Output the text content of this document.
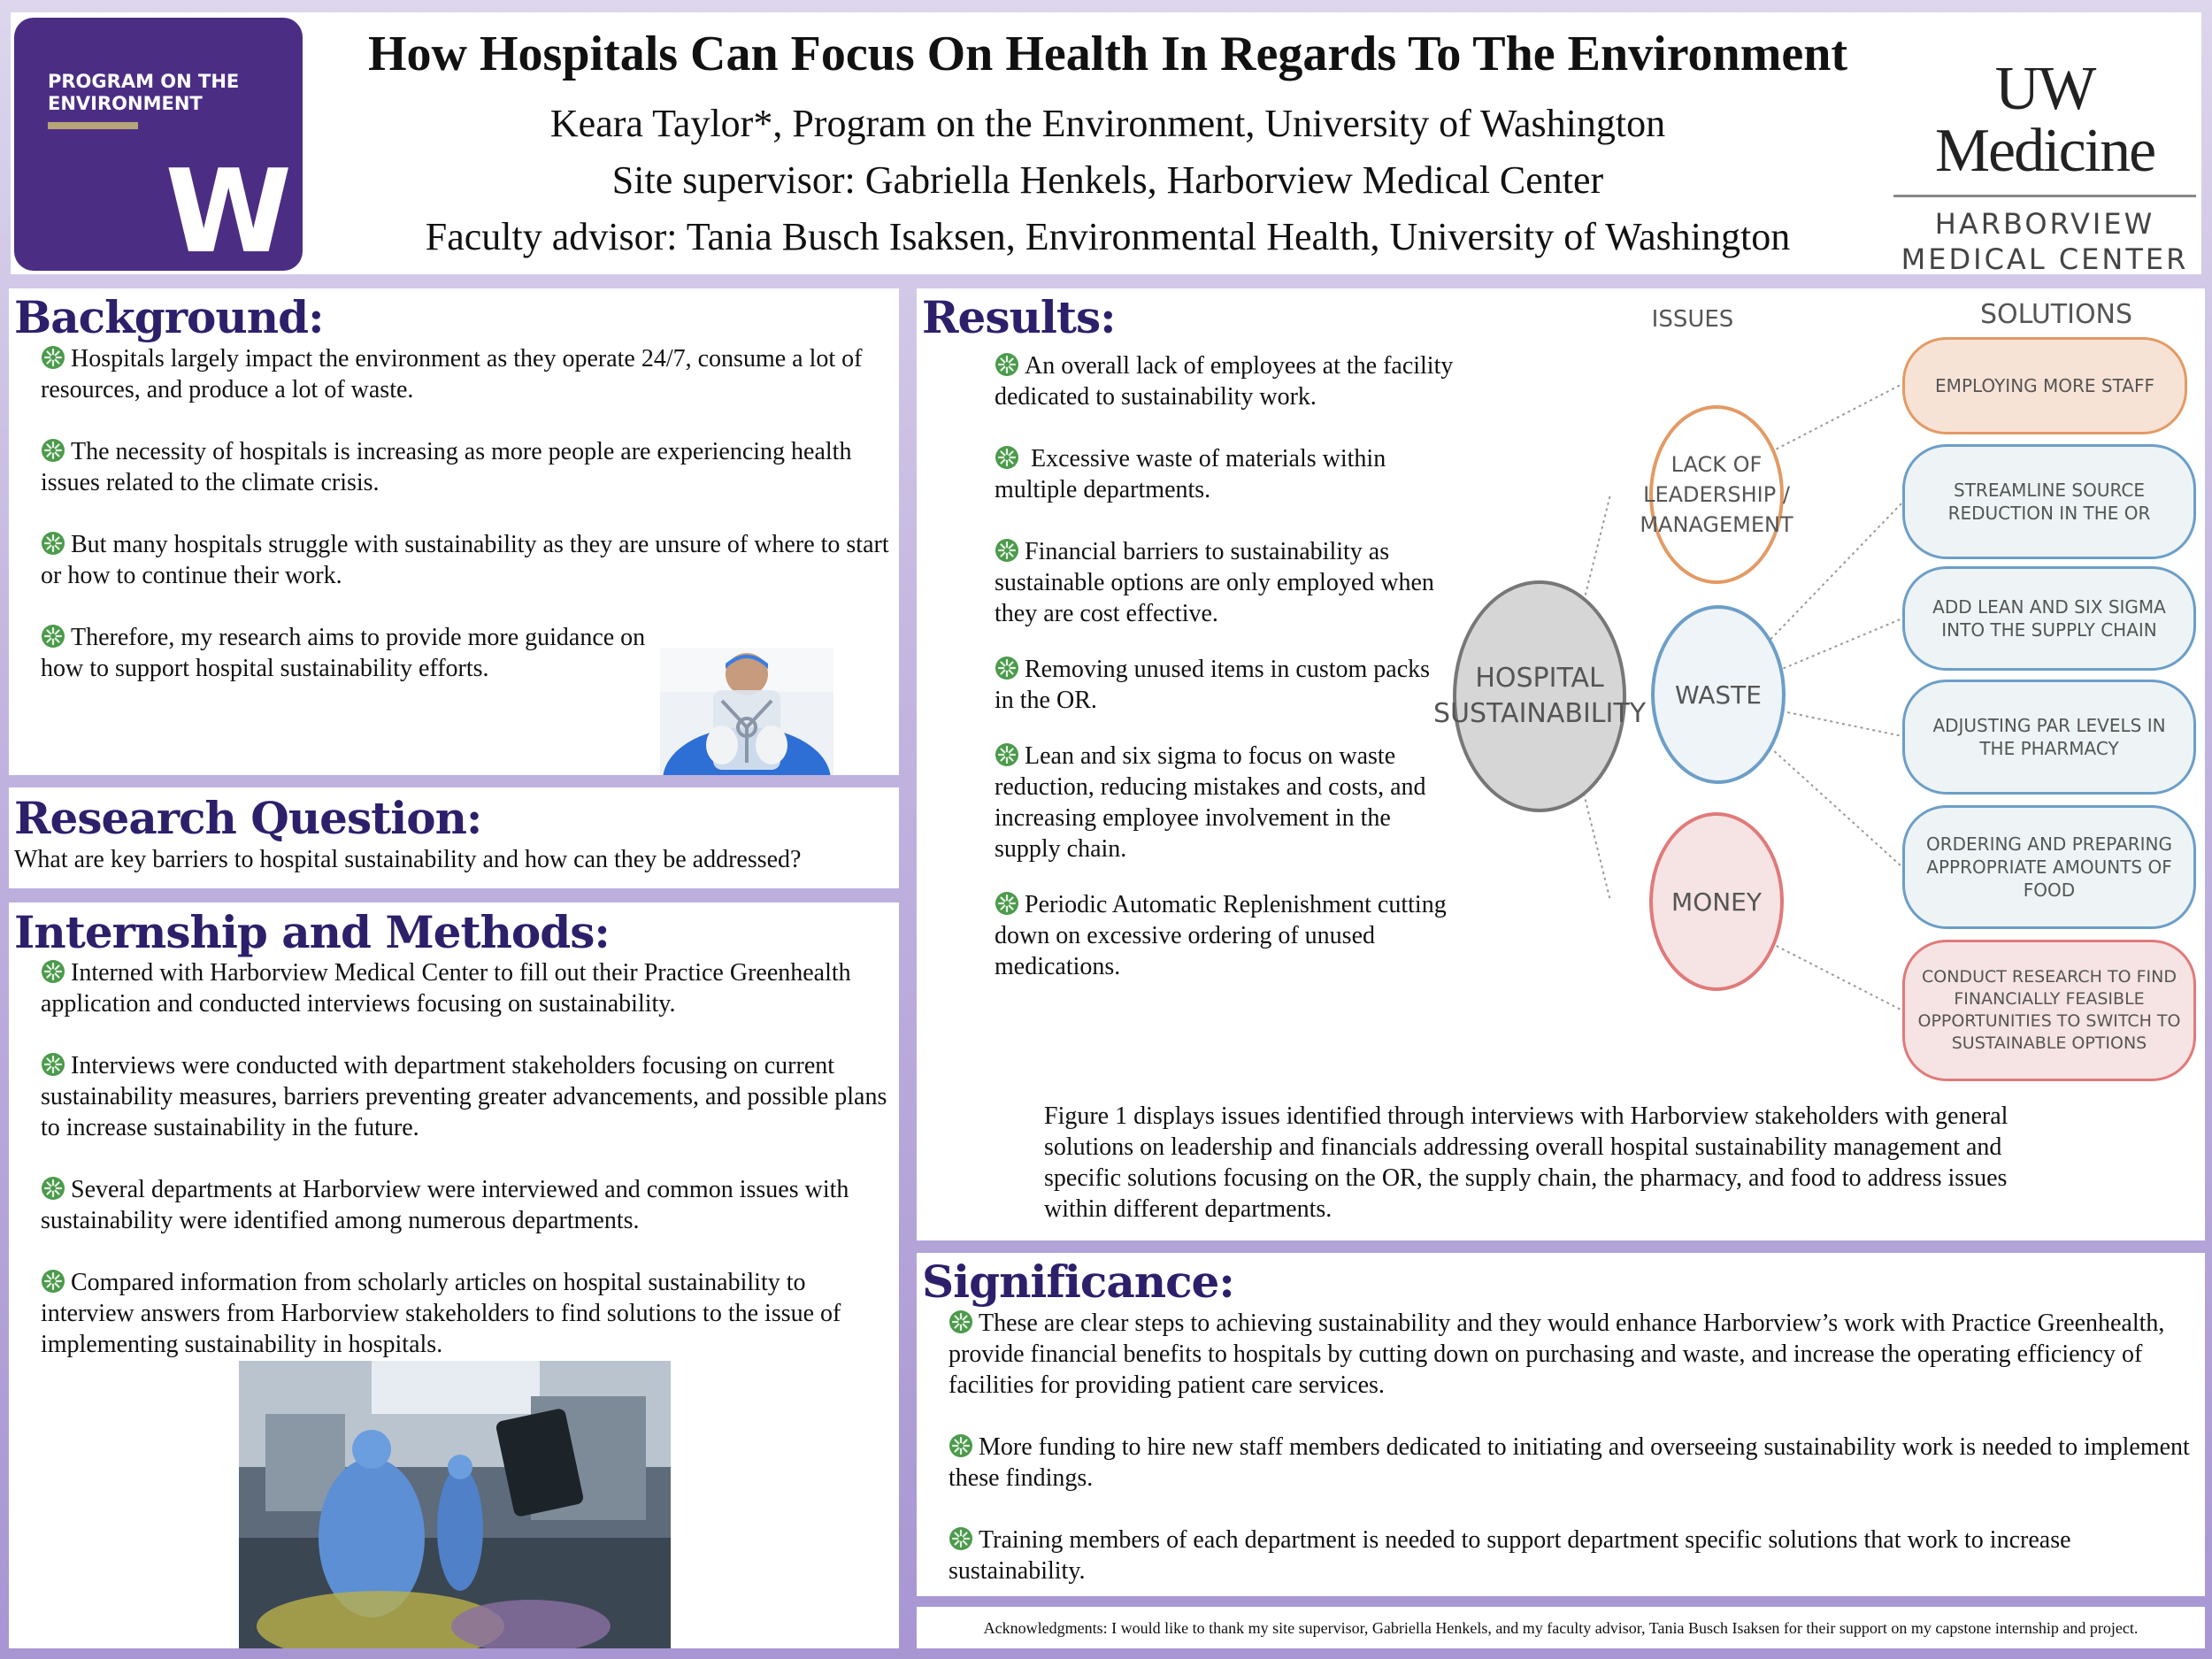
PROGRAM ON THE
ENVIRONMENT
W
How Hospitals Can Focus On Health In Regards To The Environment
Keara Taylor*, Program on the Environment, University of Washington
Site supervisor: Gabriella Henkels, Harborview Medical Center
Faculty advisor: Tania Busch Isaksen, Environmental Health, University of Washington
UW Medicine
HARBORVIEW
MEDICAL CENTER
Background:
Hospitals largely impact the environment as they operate 24/7, consume a lot of resources, and produce a lot of waste.
The necessity of hospitals is increasing as more people are experiencing health issues related to the climate crisis.
But many hospitals struggle with sustainability as they are unsure of where to start or how to continue their work.
Therefore, my research aims to provide more guidance on how to support hospital sustainability efforts.
Research Question:
What are key barriers to hospital sustainability and how can they be addressed?
Internship and Methods:
Interned with Harborview Medical Center to fill out their Practice Greenhealth application and conducted interviews focusing on sustainability.
Interviews were conducted with department stakeholders focusing on current sustainability measures, barriers preventing greater advancements, and possible plans to increase sustainability in the future.
Several departments at Harborview were interviewed and common issues with sustainability were identified among numerous departments.
Compared information from scholarly articles on hospital sustainability to interview answers from Harborview stakeholders to find solutions to the issue of implementing sustainability in hospitals.
Results:
An overall lack of employees at the facility dedicated to sustainability work.
Excessive waste of materials within multiple departments.
Financial barriers to sustainability as sustainable options are only employed when they are cost effective.
Removing unused items in custom packs in the OR.
Lean and six sigma to focus on waste reduction, reducing mistakes and costs, and increasing employee involvement in the supply chain.
Periodic Automatic Replenishment cutting down on excessive ordering of unused medications.
ISSUES	SOLUTIONS
HOSPITAL SUSTAINABILITY
LACK OF LEADERSHIP / MANAGEMENT
WASTE
MONEY
EMPLOYING MORE STAFF
STREAMLINE SOURCE REDUCTION IN THE OR
ADD LEAN AND SIX SIGMA INTO THE SUPPLY CHAIN
ADJUSTING PAR LEVELS IN THE PHARMACY
ORDERING AND PREPARING APPROPRIATE AMOUNTS OF FOOD
CONDUCT RESEARCH TO FIND FINANCIALLY FEASIBLE OPPORTUNITIES TO SWITCH TO SUSTAINABLE OPTIONS
Figure 1 displays issues identified through interviews with Harborview stakeholders with general solutions on leadership and financials addressing overall hospital sustainability management and specific solutions focusing on the OR, the supply chain, the pharmacy, and food to address issues within different departments.
Significance:
These are clear steps to achieving sustainability and they would enhance Harborview’s work with Practice Greenhealth, provide financial benefits to hospitals by cutting down on purchasing and waste, and increase the operating efficiency of facilities for providing patient care services.
More funding to hire new staff members dedicated to initiating and overseeing sustainability work is needed to implement these findings.
Training members of each department is needed to support department specific solutions that work to increase sustainability.
Acknowledgments: I would like to thank my site supervisor, Gabriella Henkels, and my faculty advisor, Tania Busch Isaksen for their support on my capstone internship and project.
